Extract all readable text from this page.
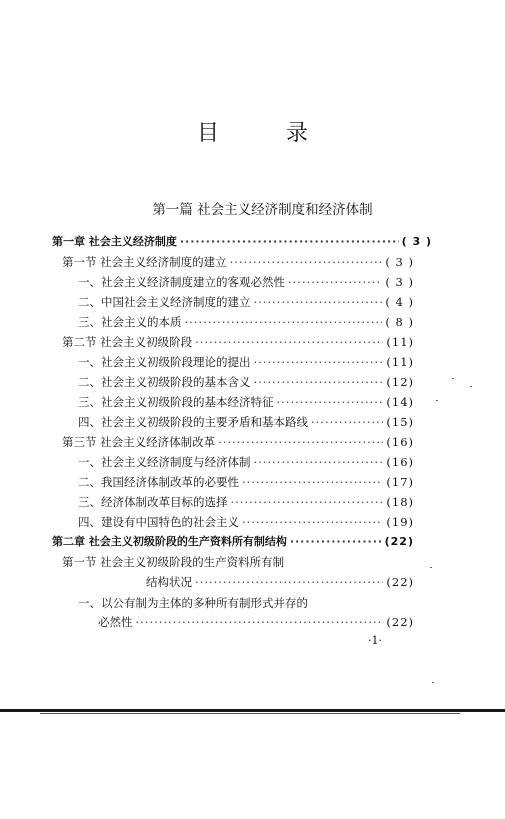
目 录
第一篇 社会主义经济制度和经济体制
第一章 社会主义经济制度 ·····	( 3 )
第一节 社会主义经济制度的建立 ·····	( 3 )
一、社会主义经济制度建立的客观必然性 ·····	( 3 )
二、中国社会主义经济制度的建立 ·····	( 4 )
三、社会主义的本质 ·····	( 8 )
第二节 社会主义初级阶段 ·····	(11)
一、社会主义初级阶段理论的提出 ·····	(11)
二、社会主义初级阶段的基本含义 ·····	(12)
三、社会主义初级阶段的基本经济特征 ·····	(14)
四、社会主义初级阶段的主要矛盾和基本路线 ·····	(15)
第三节 社会主义经济体制改革 ·····	(16)
一、社会主义经济制度与经济体制 ·····	(16)
二、我国经济体制改革的必要性 ·····	(17)
三、经济体制改革目标的选择 ·····	(18)
四、建设有中国特色的社会主义 ·····	(19)
第二章 社会主义初级阶段的生产资料所有制结构 ·····	(22)
第一节 社会主义初级阶段的生产资料所有制
结构状况 ·····	(22)
一、以公有制为主体的多种所有制形式并存的
必然性 ·····	(22)
·1·
